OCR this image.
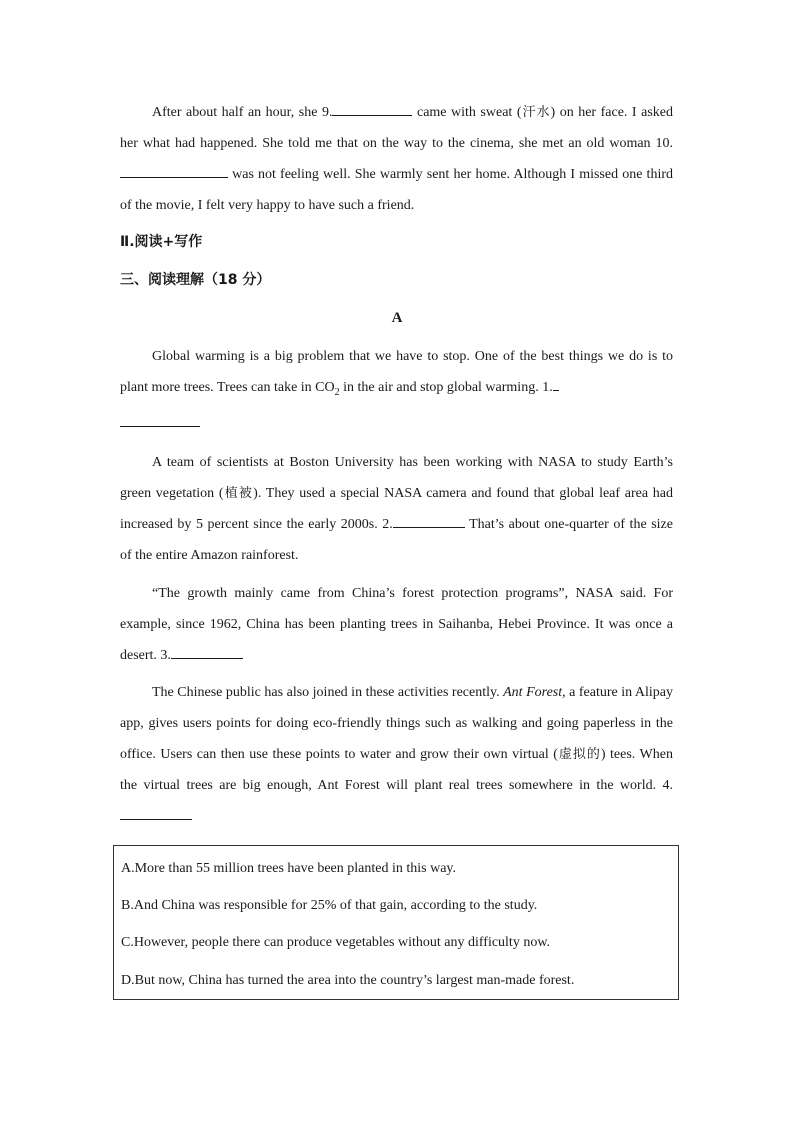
After about half an hour, she 9.	came with sweat (汗水) on her face. I asked her what had happened. She told me that on the way to the cinema, she met an old woman 10. was not feeling well. She warmly sent her home. Although I missed one third of the movie, I felt very happy to have such a friend.

Ⅱ.阅读+写作
三、阅读理解（18 分）
A

Global warming is a big problem that we have to stop. One of the best things we do is to plant more trees. Trees can take in $CO_2$ in the air and stop global warming. 1.

A team of scientists at Boston University has been working with NASA to study Earth’s green vegetation (植被). They used a special NASA camera and found that global leaf area had increased by 5 percent since the early 2000s. 2.	That’s about one-quarter of the size of the entire Amazon rainforest.

“The growth mainly came from China’s forest protection programs”, NASA said. For example, since 1962, China has been planting trees in Saihanba, Hebei Province. It was once a desert. 3.

The Chinese public has also joined in these activities recently. Ant Forest, a feature in Alipay app, gives users points for doing eco-friendly things such as walking and going paperless in the office. Users can then use these points to water and grow their own virtual (虚拟的) tees. When the virtual trees are big enough, Ant Forest will plant real trees somewhere in the world. 4.

A.More than 55 million trees have been planted in this way.
B.And China was responsible for 25% of that gain, according to the study.
C.However, people there can produce vegetables without any difficulty now.
D.But now, China has turned the area into the country’s largest man-made forest.
